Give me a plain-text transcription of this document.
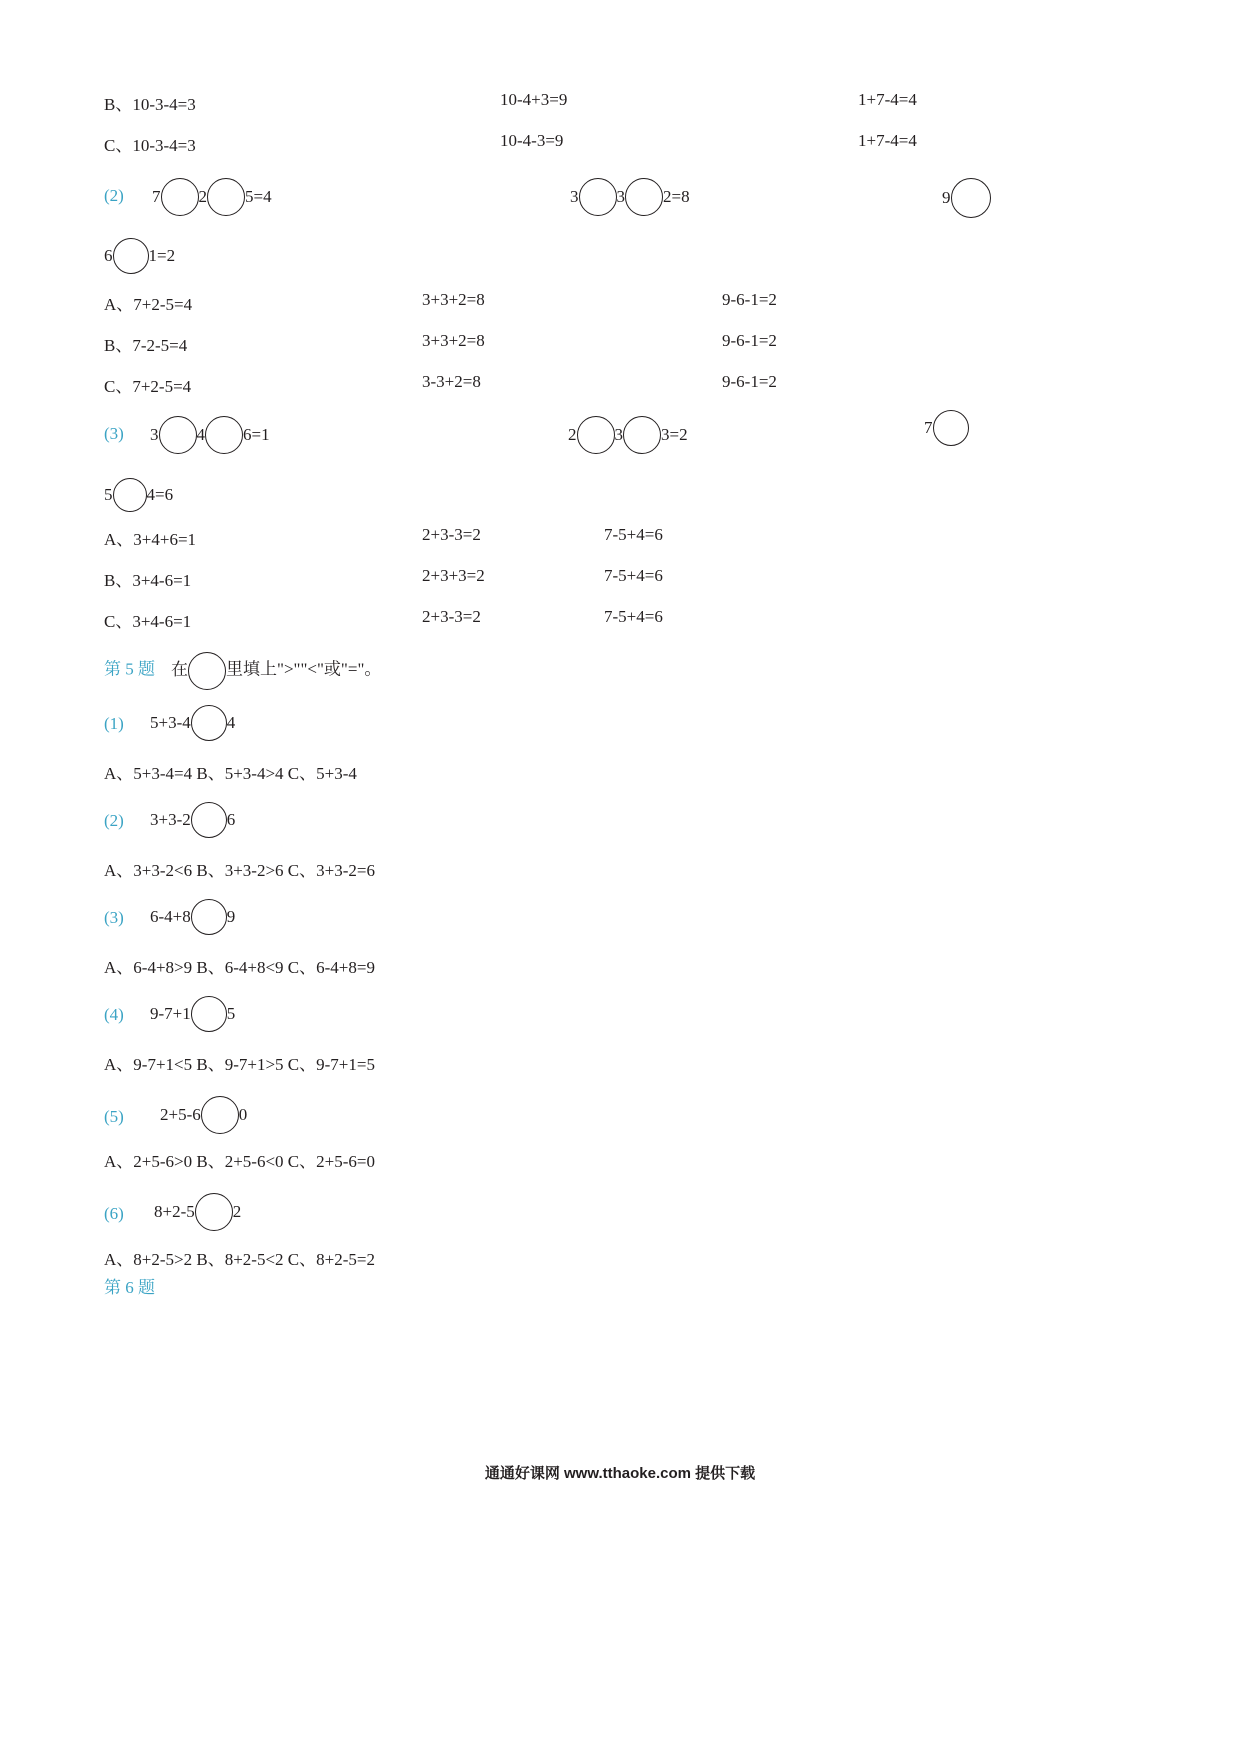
B、10-3-4=3	10-4+3=9	1+7-4=4
C、10-3-4=3	10-4-3=9	1+7-4=4
(2) 7 2 5=4	3 3 2=8	9
6 1=2
A、7+2-5=4	3+3+2=8	9-6-1=2
B、7-2-5=4	3+3+2=8	9-6-1=2
C、7+2-5=4	3-3+2=8	9-6-1=2
(3) 3 4 6=1	2 3 3=2	7
5 4=6
A、3+4+6=1	2+3-3=2	7-5+4=6
B、3+4-6=1	2+3+3=2	7-5+4=6
C、3+4-6=1	2+3-3=2	7-5+4=6
第 5 题 在 里填上">""<"或"="。
(1) 5+3-4 4
A、5+3-4=4 B、5+3-4>4 C、5+3-4
(2) 3+3-2 6
A、3+3-2<6 B、3+3-2>6 C、3+3-2=6
(3) 6-4+8 9
A、6-4+8>9 B、6-4+8<9 C、6-4+8=9
(4) 9-7+1 5
A、9-7+1<5 B、9-7+1>5 C、9-7+1=5
(5) 2+5-6 0
A、2+5-6>0 B、2+5-6<0 C、2+5-6=0
(6) 8+2-5 2
A、8+2-5>2 B、8+2-5<2 C、8+2-5=2
第 6 题
通通好课网 www.tthaoke.com 提供下载
